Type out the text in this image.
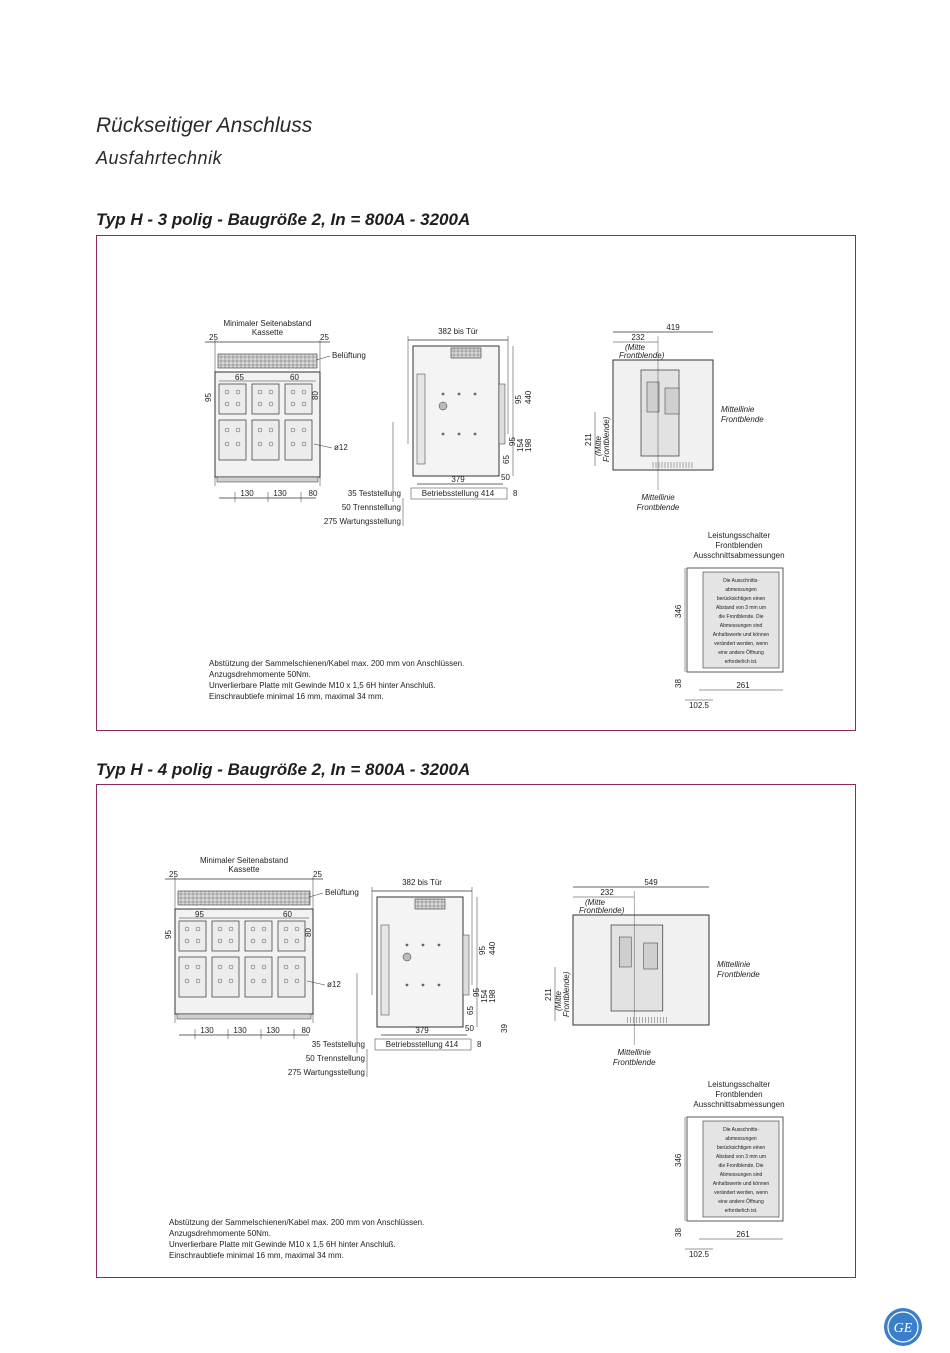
Rückseitiger Anschluss
Ausfahrtechnik
Typ H - 3 polig - Baugröße 2, In = 800A - 3200A
Minimaler Seitenabstand
Kassette
25	25
Belüftung
65	60
95	80
ø12
130 130	80
382 bis Tür
95 440
198
154
95
65
50
379
Betriebsstellung 414 8
35 Teststellung
50 Trennstellung
275 Wartungsstellung
419
232
(Mitte
Frontblende)
Mittellinie
Frontblende
Mittellinie
Frontblende
211 (Mitte Frontblende)
Leistungsschalter
Frontblenden
Ausschnittsabmessungen
Die Ausschnitts-
abmessungen
berücksichtigen einen
Abstand von 3 mm um
die Frontblende. Die
Abmessungen sind
Anhaltswerte und können
verändert werden, wenn
eine andere Öffnung
erforderlich ist.
346
38	261
102.5
Abstützung der Sammelschienen/Kabel max. 200 mm von Anschlüssen.
Anzugsdrehmomente 50Nm.
Unverlierbare Platte mit Gewinde M10 x 1,5 6H hinter Anschluß.
Einschraubtiefe minimal 16 mm, maximal 34 mm.
Typ H - 4 polig - Baugröße 2, In = 800A - 3200A
Minimaler Seitenabstand
Kassette
25	25
Belüftung
95	60
95	80
ø12
130 130 130	80
382 bis Tür
95 440
198
154
95
65
50	39
379
Betriebsstellung 414 8
35 Teststellung
50 Trennstellung
275 Wartungsstellung
549
232
(Mitte
Frontblende)
Mittellinie
Frontblende
Mittellinie
Frontblende
211 (Mitte Frontblende)
Leistungsschalter
Frontblenden
Ausschnittsabmessungen
Die Ausschnitts-
abmessungen
berücksichtigen einen
Abstand von 3 mm um
die Frontblende. Die
Abmessungen sind
Anhaltswerte und können
verändert werden, wenn
eine andere Öffnung
erforderlich ist.
346
38	261
102.5
Abstützung der Sammelschienen/Kabel max. 200 mm von Anschlüssen.
Anzugsdrehmomente 50Nm.
Unverlierbare Platte mit Gewinde M10 x 1,5 6H hinter Anschluß.
Einschraubtiefe minimal 16 mm, maximal 34 mm.
GE
